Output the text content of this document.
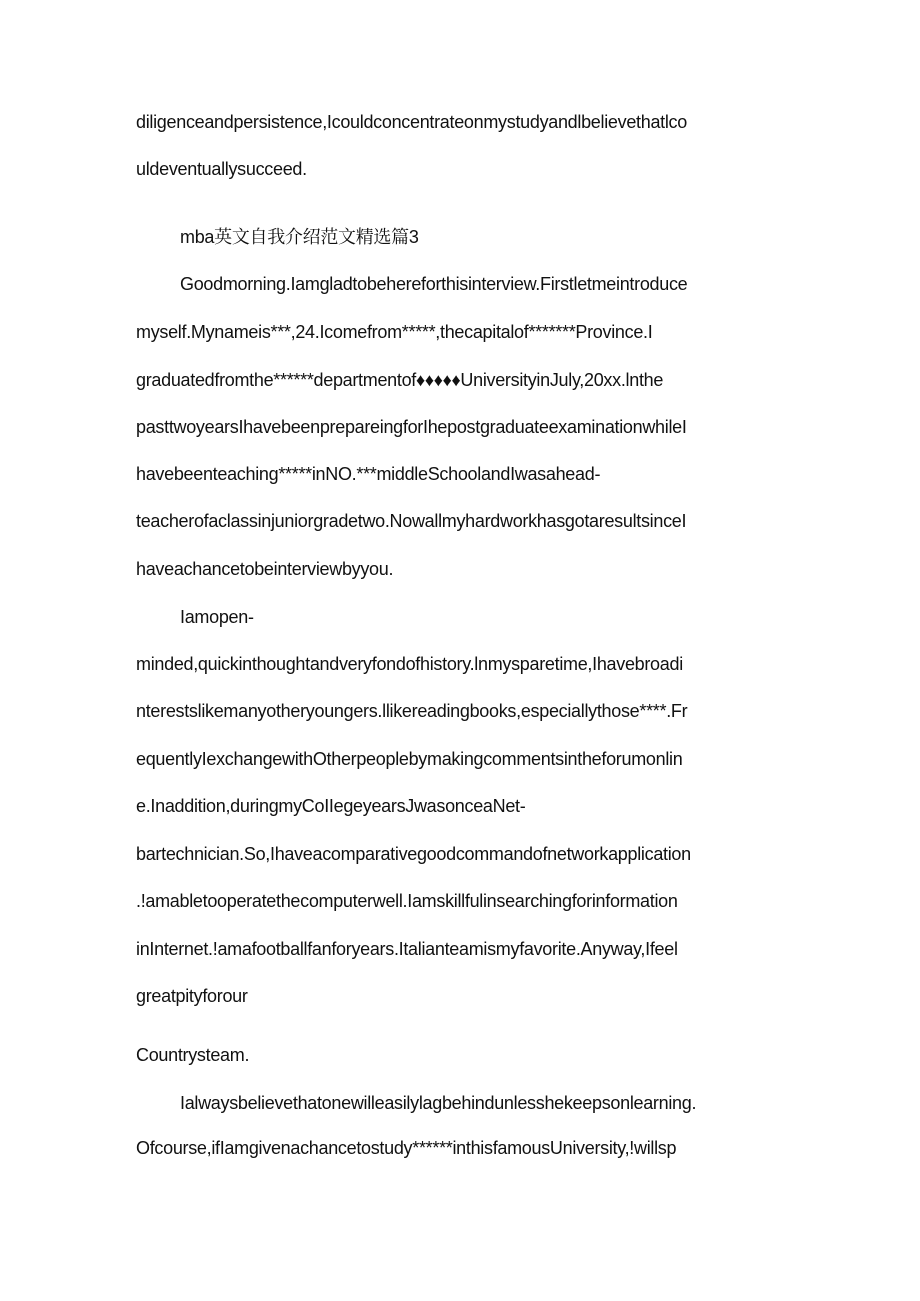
diligenceandpersistence,Icouldconcentrateonmystudyandlbelievethatlco
uldeventuallysucceed.
mba英文自我介绍范文精选篇3
Goodmorning.Iamgladtobehereforthisinterview.Firstletmeintroduce
myself.Mynameis***,24.Icomefrom*****,thecapitalof*******Province.I
graduatedfromthe******departmentof♦♦♦♦♦UniversityinJuly,20xx.lnthe
pasttwoyearsIhavebeenprepareingforIhepostgraduateexaminationwhileI
havebeenteaching*****inNO.***middleSchoolandIwasahead-
teacherofaclassinjuniorgradetwo.NowallmyhardworkhasgotaresultsinceI
haveachancetobeinterviewbyyou.
Iamopen-
minded,quickinthoughtandveryfondofhistory.lnmysparetime,Ihavebroadi
nterestslikemanyotheryoungers.llikereadingbooks,especiallythose****.Fr
equentlyIexchangewithOtherpeoplebymakingcommentsintheforumonlin
e.Inaddition,duringmyCoIIegeyearsJwasonceaNet-
bartechnician.So,Ihaveacomparativegoodcommandofnetworkapplication
.!amabletooperatethecomputerwell.Iamskillfulinsearchingforinformation
inInternet.!amafootballfanforyears.Italianteamismyfavorite.Anyway,Ifeel
greatpityforour
Countrysteam.
Ialwaysbelievethatonewilleasilylagbehindunlesshekeepsonlearning.
Ofcourse,ifIamgivenachancetostudy******inthisfamousUniversity,!willsp
